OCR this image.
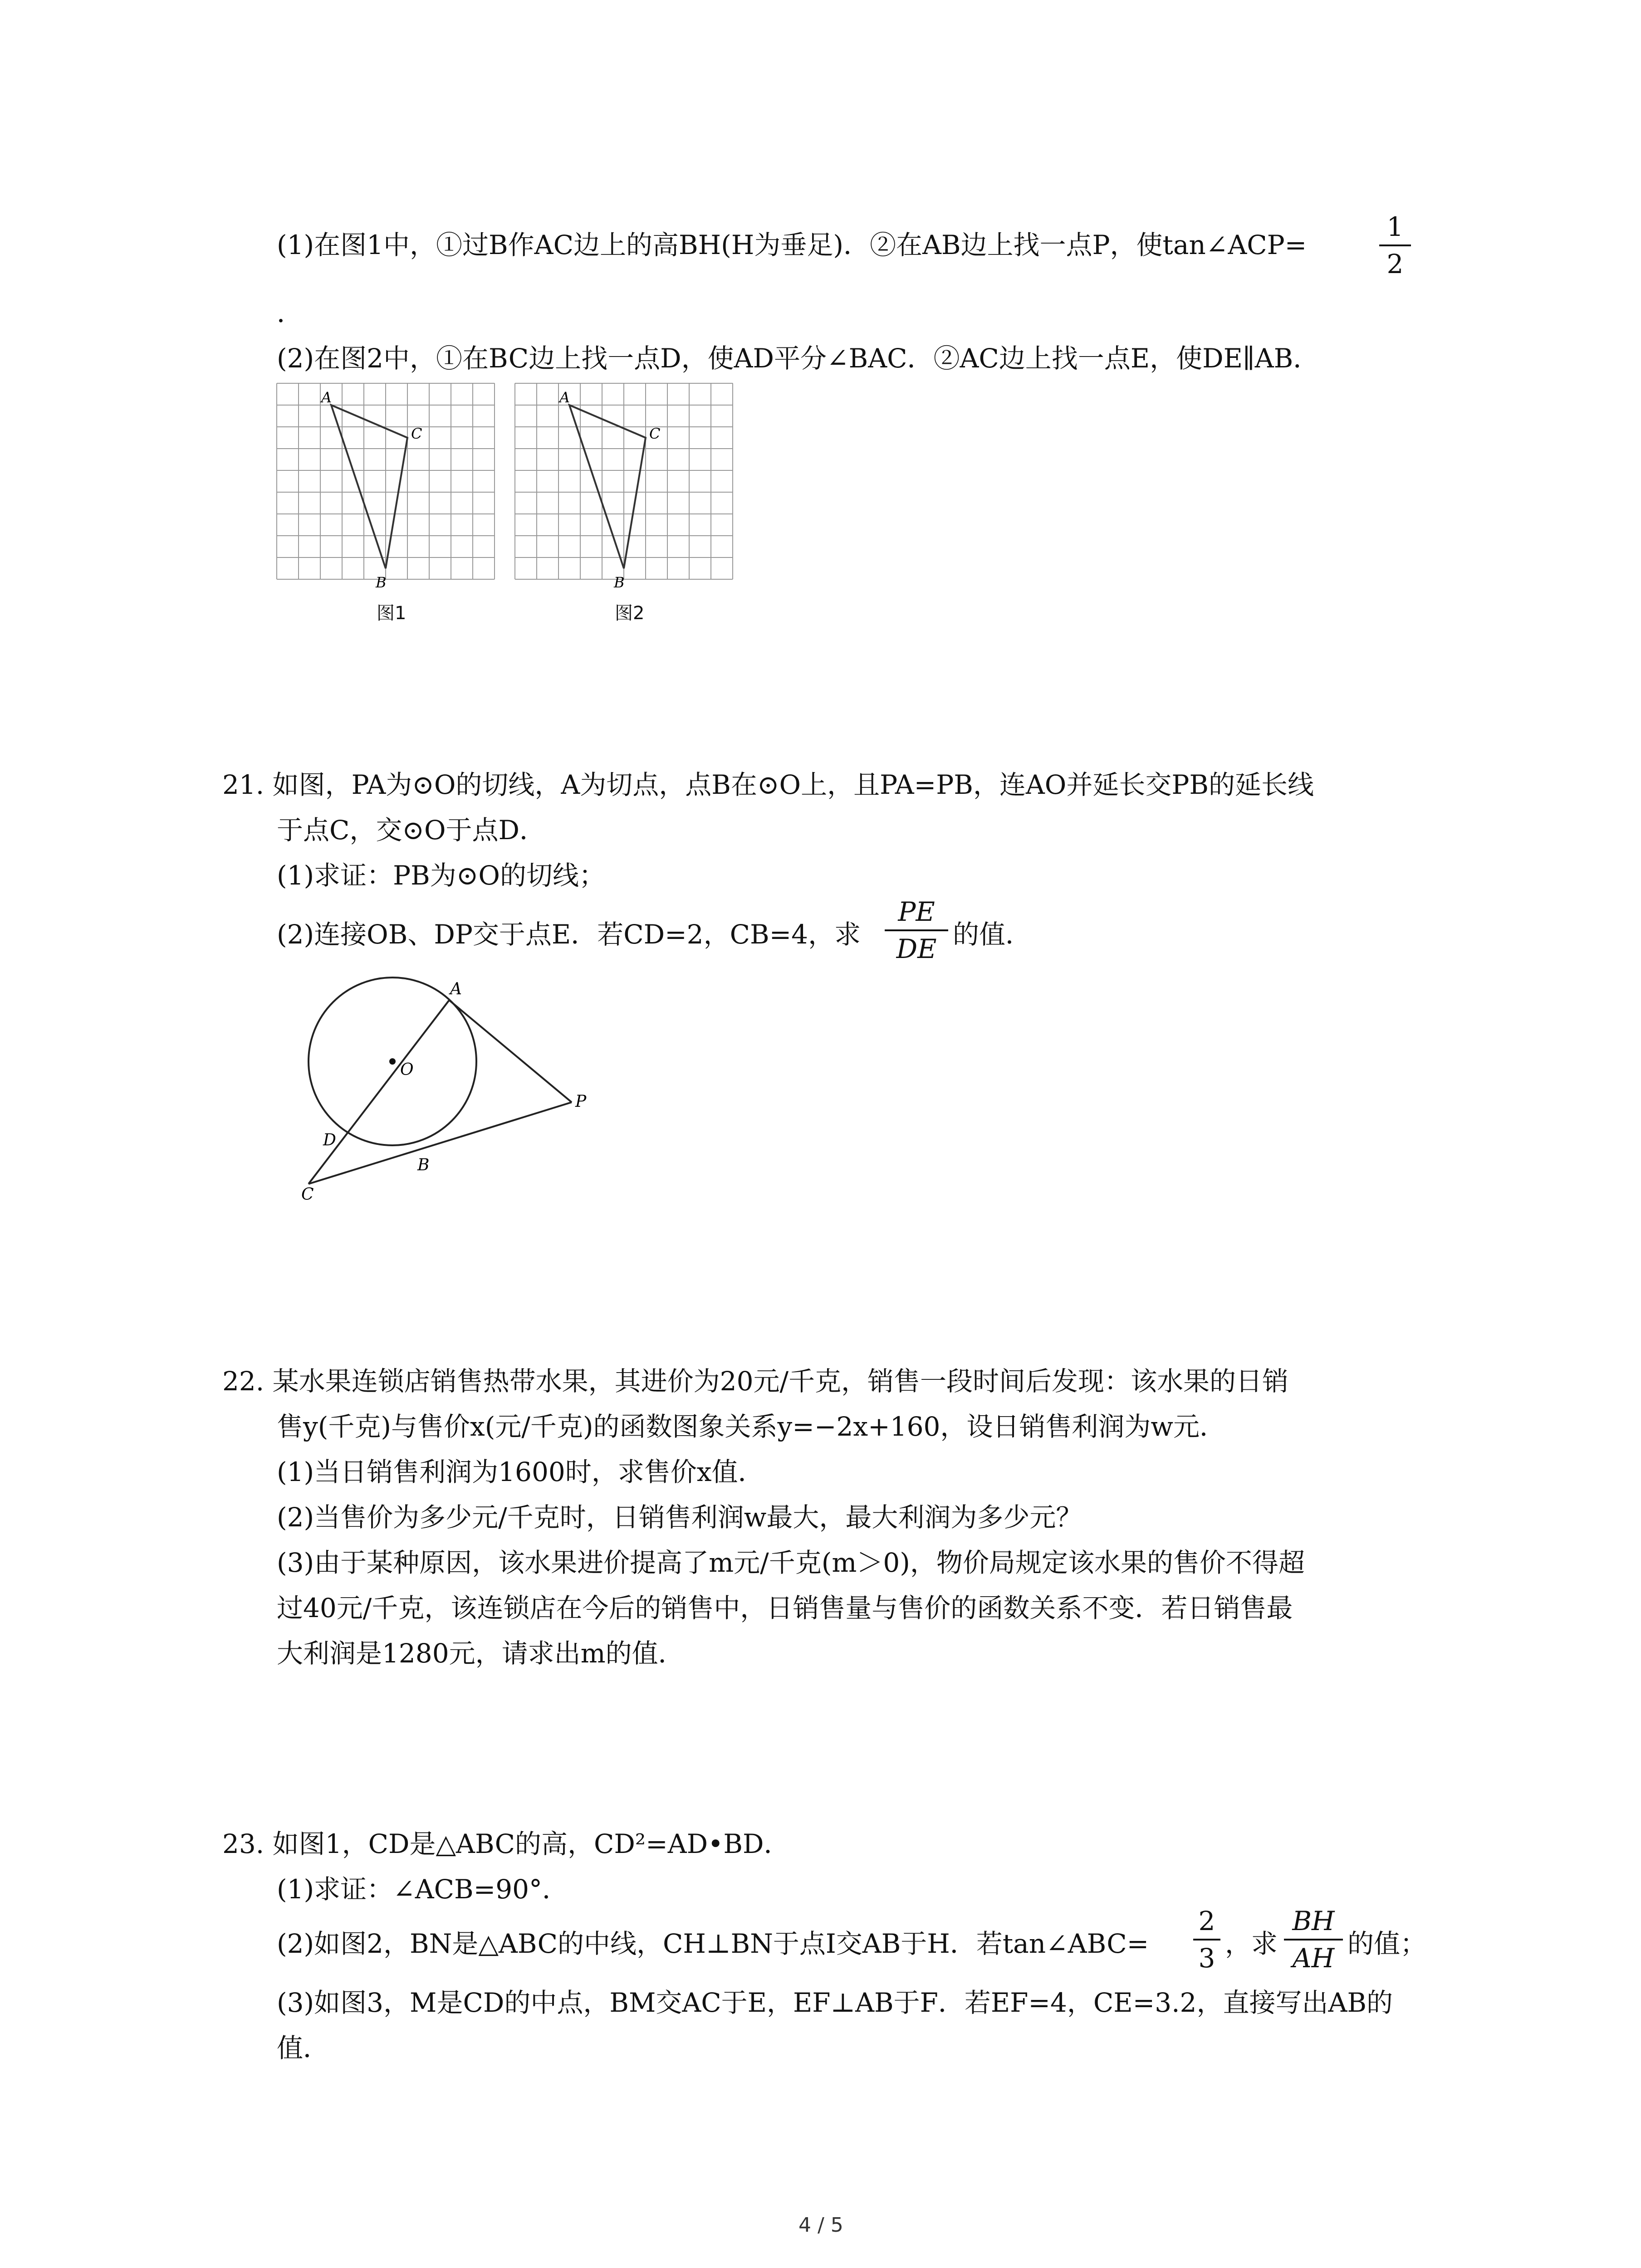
(1)在图1中，①过B作AC边上的高BH(H为垂足)．②在AB边上找一点P，使tan∠ACP=
1
2
．
(2)在图2中，①在BC边上找一点D，使AD平分∠BAC．②AC边上找一点E，使DE∥AB．
A
C
B
图1
A
C
B
图2
21. 如图，PA为⊙O的切线，A为切点，点B在⊙O上，且PA=PB，连AO并延长交PB的延长线
于点C，交⊙O于点D．
(1)求证：PB为⊙O的切线；
(2)连接OB、DP交于点E．若CD=2，CB=4，求
PE
DE 的值．
A
O
P
D
B
C
22. 某水果连锁店销售热带水果，其进价为20元/千克，销售一段时间后发现：该水果的日销
售y(千克)与售价x(元/千克)的函数图象关系y=−2x+160，设日销售利润为w元．
(1)当日销售利润为1600时，求售价x值．
(2)当售价为多少元/千克时，日销售利润w最大，最大利润为多少元？
(3)由于某种原因，该水果进价提高了m元/千克(m＞0)，物价局规定该水果的售价不得超
过40元/千克，该连锁店在今后的销售中，日销售量与售价的函数关系不变．若日销售最
大利润是1280元，请求出m的值．
23. 如图1，CD是△ABC的高，CD²=AD•BD．
(1)求证：∠ACB=90°．
(2)如图2，BN是△ABC的中线，CH⊥BN于点I交AB于H．若tan∠ABC=
2
3 ，求
BH
AH 的值；
(3)如图3，M是CD的中点，BM交AC于E，EF⊥AB于F．若EF=4，CE=3.2，直接写出AB的
值．
4 / 5
